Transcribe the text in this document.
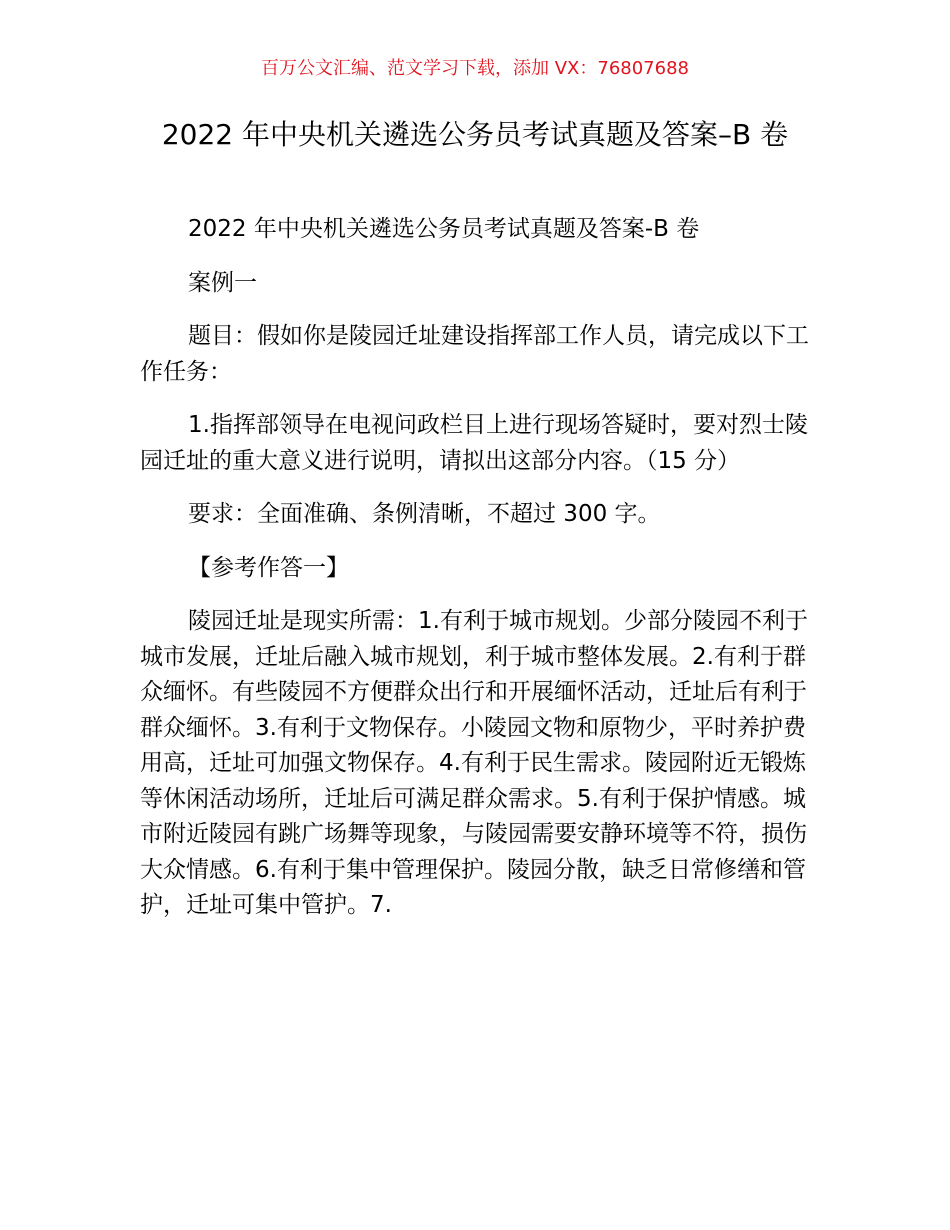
百万公文汇编、范文学习下载，添加 VX：76807688
2022 年中央机关遴选公务员考试真题及答案–B 卷

2022 年中央机关遴选公务员考试真题及答案-B 卷

案例一

题目：假如你是陵园迁址建设指挥部工作人员，请完成以下工作任务：

1.指挥部领导在电视问政栏目上进行现场答疑时，要对烈士陵园迁址的重大意义进行说明，请拟出这部分内容。（15 分）

要求：全面准确、条例清晰，不超过 300 字。

【参考作答一】

陵园迁址是现实所需：1.有利于城市规划。少部分陵园不利于城市发展，迁址后融入城市规划，利于城市整体发展。2.有利于群众缅怀。有些陵园不方便群众出行和开展缅怀活动，迁址后有利于群众缅怀。3.有利于文物保存。小陵园文物和原物少，平时养护费用高，迁址可加强文物保存。4.有利于民生需求。陵园附近无锻炼等休闲活动场所，迁址后可满足群众需求。5.有利于保护情感。城市附近陵园有跳广场舞等现象，与陵园需要安静环境等不符，损伤大众情感。6.有利于集中管理保护。陵园分散，缺乏日常修缮和管护，迁址可集中管护。7.
